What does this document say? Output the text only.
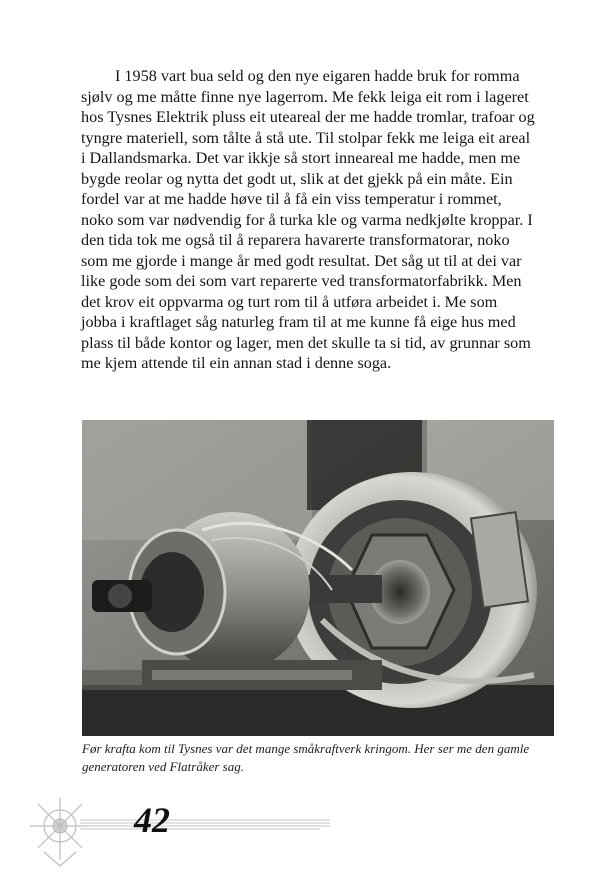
I 1958 vart bua seld og den nye eigaren hadde bruk for romma sjølv og me måtte finne nye lagerrom. Me fekk leiga eit rom i lageret hos Tysnes Elektrik pluss eit uteareal der me hadde tromlar, trafoar og tyngre materiell, som tålte å stå ute. Til stolpar fekk me leiga eit areal i Dallandsmarka. Det var ikkje så stort inneareal me hadde, men me bygde reolar og nytta det godt ut, slik at det gjekk på ein måte. Ein fordel var at me hadde høve til å få ein viss temperatur i rommet, noko som var nødvendig for å turka kle og varma nedkjølte kroppar. I den tida tok me også til å reparera havarerte transformatorar, noko som me gjorde i mange år med godt resultat. Det såg ut til at dei var like gode som dei som vart reparerte ved transformatorfabrikk. Men det krov eit oppvarma og turt rom til å utføra arbeidet i. Me som jobba i kraftlaget såg naturleg fram til at me kunne få eige hus med plass til både kontor og lager, men det skulle ta si tid, av grunnar som me kjem attende til ein annan stad i denne soga.

Før krafta kom til Tysnes var det mange småkraftverk kringom. Her ser me den gamle generatoren ved Flatråker sag.

42
